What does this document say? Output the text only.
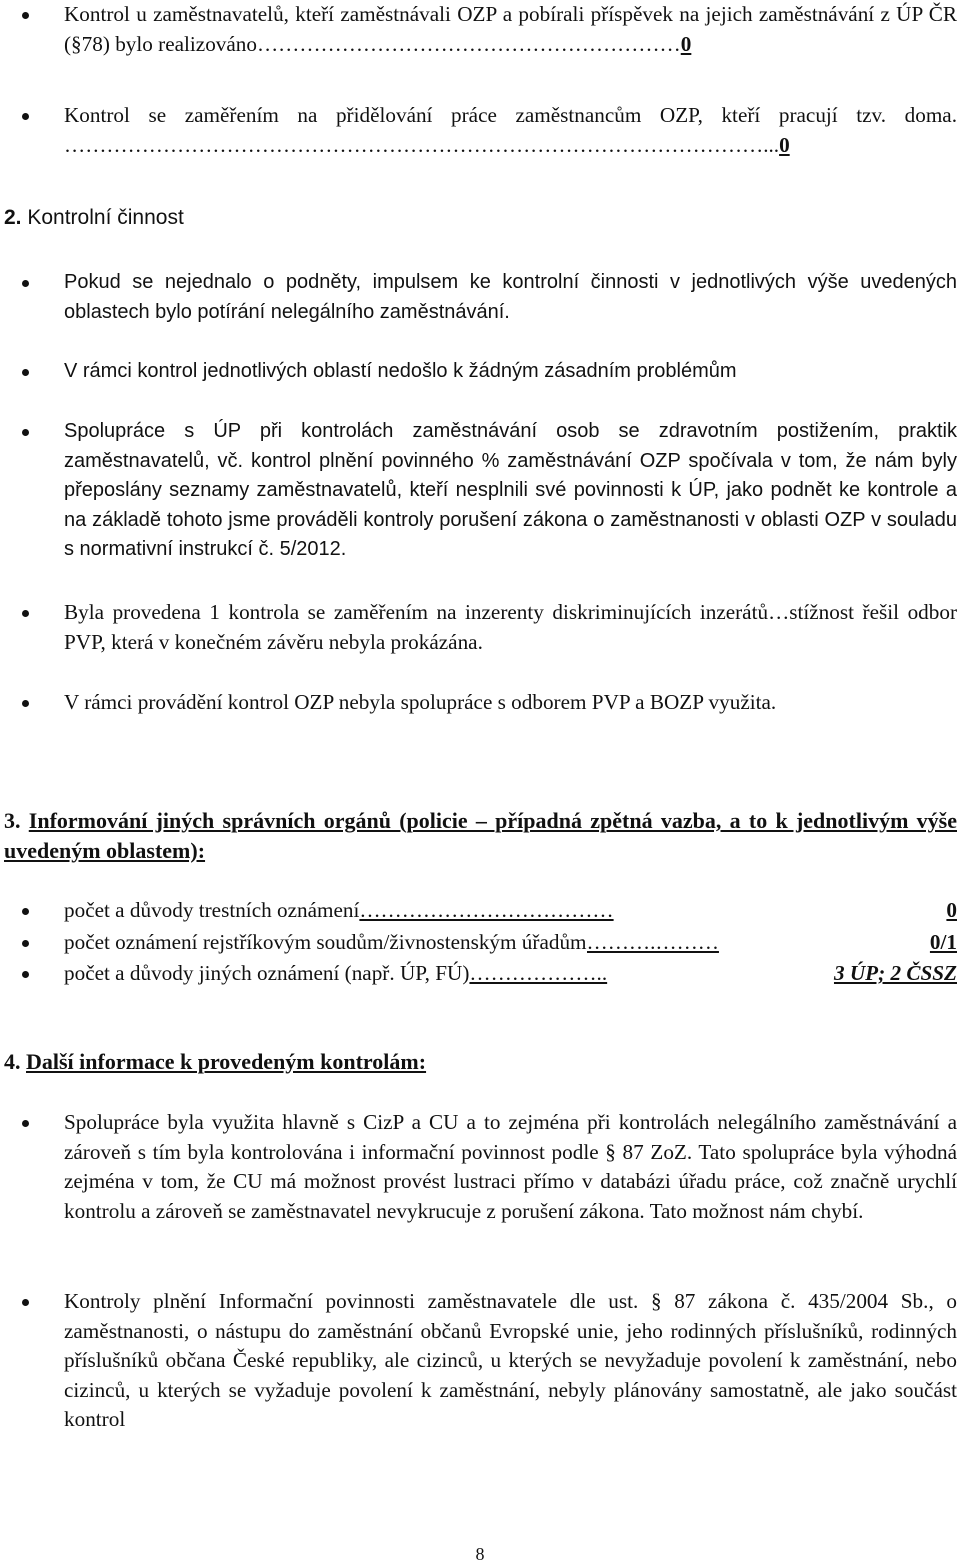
Kontrol u zaměstnavatelů, kteří zaměstnávali OZP a pobírali příspěvek na jejich zaměstnávání z ÚP ČR (§78) bylo realizováno……………………………………………………0
Kontrol se zaměřením na přidělování práce zaměstnancům OZP, kteří pracují tzv. doma. ………………………………………………………………………………………...0
2. Kontrolní činnost
Pokud se nejednalo o podněty, impulsem ke kontrolní činnosti v jednotlivých výše uvedených oblastech bylo potírání nelegálního zaměstnávání.
V rámci kontrol jednotlivých oblastí nedošlo k žádným zásadním problémům
Spolupráce s ÚP při kontrolách zaměstnávání osob se zdravotním postižením, praktik zaměstnavatelů, vč. kontrol plnění povinného % zaměstnávání OZP spočívala v tom, že nám byly přeposlány seznamy zaměstnavatelů, kteří nesplnili své povinnosti k ÚP, jako podnět ke kontrole a na základě tohoto jsme prováděli kontroly porušení zákona o zaměstnanosti v oblasti OZP v souladu s normativní instrukcí č. 5/2012.
Byla provedena 1 kontrola se zaměřením na inzerenty diskriminujících inzerátů…stížnost řešil odbor PVP, která v konečném závěru nebyla prokázána.
V rámci provádění kontrol OZP nebyla spolupráce s odborem PVP a BOZP využita.
3. Informování jiných správních orgánů (policie – případná zpětná vazba, a to k jednotlivým výše uvedeným oblastem):
počet a důvody trestních oznámení ………………………………	0
počet oznámení rejstříkovým soudům/živnostenským úřadům ……….………	0/1
počet a důvody jiných oznámení (např. ÚP, FÚ) ………………..	3 ÚP; 2 ČSSZ
4. Další informace k provedeným kontrolám:
Spolupráce byla využita hlavně s CizP a CU a to zejména při kontrolách nelegálního zaměstnávání a zároveň s tím byla kontrolována i informační povinnost podle § 87 ZoZ. Tato spolupráce byla výhodná zejména v tom, že CU má možnost provést lustraci přímo v databázi úřadu práce, což značně urychlí kontrolu a zároveň se zaměstnavatel nevykrucuje z porušení zákona. Tato možnost nám chybí.
Kontroly plnění Informační povinnosti zaměstnavatele dle ust. § 87 zákona č. 435/2004 Sb., o zaměstnanosti, o nástupu do zaměstnání občanů Evropské unie, jeho rodinných příslušníků, rodinných příslušníků občana České republiky, ale cizinců, u kterých se nevyžaduje povolení k zaměstnání, nebo cizinců, u kterých se vyžaduje povolení k zaměstnání, nebyly plánovány samostatně, ale jako součást kontrol
8
